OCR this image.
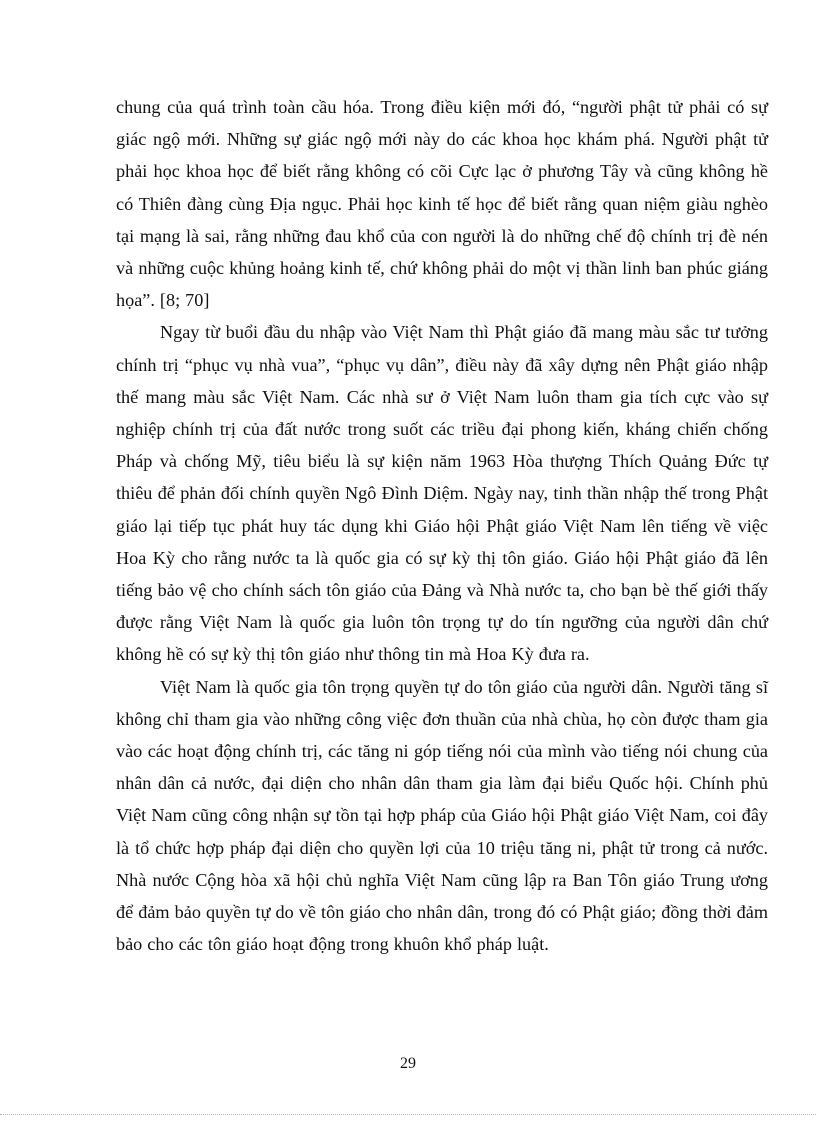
chung của quá trình toàn cầu hóa. Trong điều kiện mới đó, “người phật tử phải có sự giác ngộ mới. Những sự giác ngộ mới này do các khoa học khám phá. Người phật tử phải học khoa học để biết rằng không có cõi Cực lạc ở phương Tây và cũng không hề có Thiên đàng cùng Địa ngục. Phải học kinh tế học để biết rằng quan niệm giàu nghèo tại mạng là sai, rằng những đau khổ của con người là do những chế độ chính trị đè nén và những cuộc khủng hoảng kinh tế, chứ không phải do một vị thần linh ban phúc giáng họa”. [8; 70]

Ngay từ buổi đầu du nhập vào Việt Nam thì Phật giáo đã mang màu sắc tư tưởng chính trị “phục vụ nhà vua”, “phục vụ dân”, điều này đã xây dựng nên Phật giáo nhập thế mang màu sắc Việt Nam. Các nhà sư ở Việt Nam luôn tham gia tích cực vào sự nghiệp chính trị của đất nước trong suốt các triều đại phong kiến, kháng chiến chống Pháp và chống Mỹ, tiêu biểu là sự kiện năm 1963 Hòa thượng Thích Quảng Đức tự thiêu để phản đối chính quyền Ngô Đình Diệm. Ngày nay, tinh thần nhập thế trong Phật giáo lại tiếp tục phát huy tác dụng khi Giáo hội Phật giáo Việt Nam lên tiếng về việc Hoa Kỳ cho rằng nước ta là quốc gia có sự kỳ thị tôn giáo. Giáo hội Phật giáo đã lên tiếng bảo vệ cho chính sách tôn giáo của Đảng và Nhà nước ta, cho bạn bè thế giới thấy được rằng Việt Nam là quốc gia luôn tôn trọng tự do tín ngưỡng của người dân chứ không hề có sự kỳ thị tôn giáo như thông tin mà Hoa Kỳ đưa ra.

Việt Nam là quốc gia tôn trọng quyền tự do tôn giáo của người dân. Người tăng sĩ không chỉ tham gia vào những công việc đơn thuần của nhà chùa, họ còn được tham gia vào các hoạt động chính trị, các tăng ni góp tiếng nói của mình vào tiếng nói chung của nhân dân cả nước, đại diện cho nhân dân tham gia làm đại biểu Quốc hội. Chính phủ Việt Nam cũng công nhận sự tồn tại hợp pháp của Giáo hội Phật giáo Việt Nam, coi đây là tổ chức hợp pháp đại diện cho quyền lợi của 10 triệu tăng ni, phật tử trong cả nước. Nhà nước Cộng hòa xã hội chủ nghĩa Việt Nam cũng lập ra Ban Tôn giáo Trung ương để đảm bảo quyền tự do về tôn giáo cho nhân dân, trong đó có Phật giáo; đồng thời đảm bảo cho các tôn giáo hoạt động trong khuôn khổ pháp luật.

29
